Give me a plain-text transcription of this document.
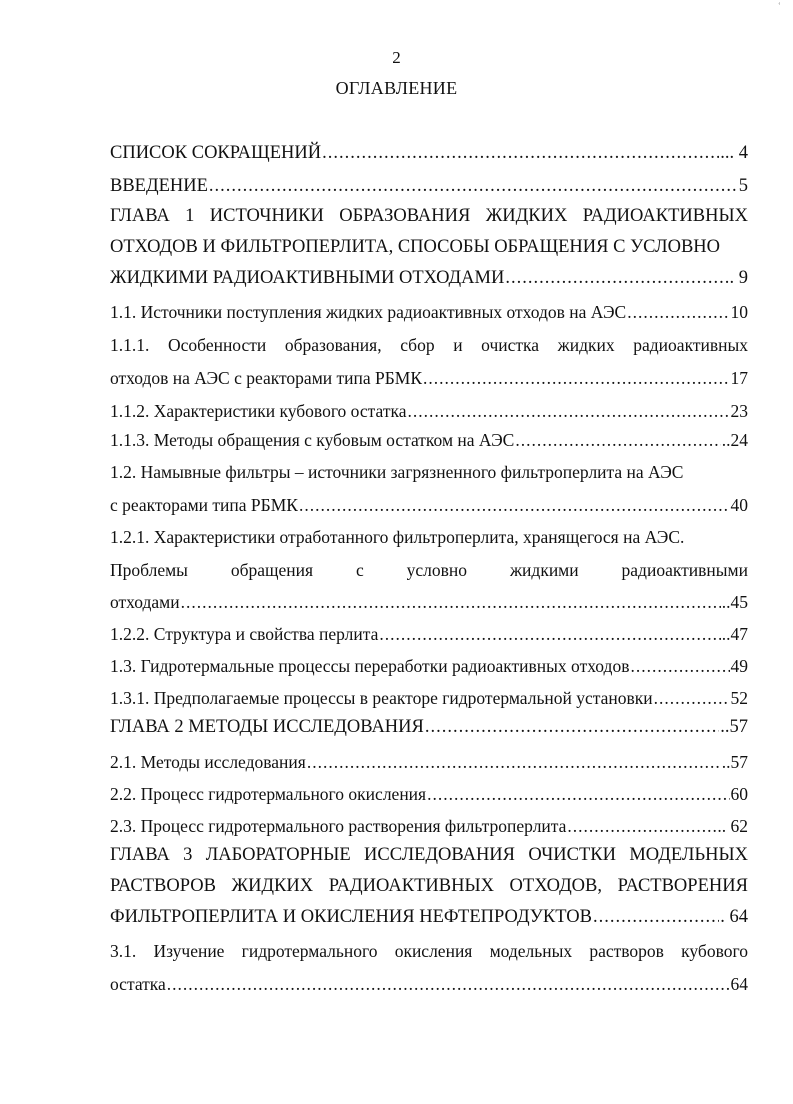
ʿ
2
ОГЛАВЛЕНИЕ
СПИСОК СОКРАЩЕНИЙ .....	... 4
ВВЕДЕНИЕ .....	5
ГЛАВА 1 ИСТОЧНИКИ ОБРАЗОВАНИЯ ЖИДКИХ РАДИОАКТИВНЫХ
ОТХОДОВ И ФИЛЬТРОПЕРЛИТА, СПОСОБЫ ОБРАЩЕНИЯ С УСЛОВНО
ЖИДКИМИ РАДИОАКТИВНЫМИ ОТХОДАМИ .....	. 9
1.1. Источники поступления жидких радиоактивных отходов на АЭС .....	10
1.1.1. Особенности образования, сбор и очистка жидких радиоактивных
отходов на АЭС с реакторами типа РБМК .....	17
1.1.2. Характеристики кубового остатка .....	23
1.1.3. Методы обращения с кубовым остатком на АЭС .....	..24
1.2. Намывные фильтры – источники загрязненного фильтроперлита на АЭС
с реакторами типа РБМК .....	40
1.2.1. Характеристики отработанного фильтроперлита, хранящегося на АЭС.
Проблемы обращения с условно жидкими радиоактивными
отходами .....	..45
1.2.2. Структура и свойства перлита .....	..47
1.3. Гидротермальные процессы переработки радиоактивных отходов .....	49
1.3.1. Предполагаемые процессы в реакторе гидротермальной установки .....	52
ГЛАВА 2 МЕТОДЫ ИССЛЕДОВАНИЯ .....	..57
2.1. Методы исследования .....	..57
2.2. Процесс гидротермального окисления .....	60
2.3. Процесс гидротермального растворения фильтроперлита .....	.. 62
ГЛАВА 3 ЛАБОРАТОРНЫЕ ИССЛЕДОВАНИЯ ОЧИСТКИ МОДЕЛЬНЫХ
РАСТВОРОВ ЖИДКИХ РАДИОАКТИВНЫХ ОТХОДОВ, РАСТВОРЕНИЯ
ФИЛЬТРОПЕРЛИТА И ОКИСЛЕНИЯ НЕФТЕПРОДУКТОВ .....	. 64
3.1. Изучение гидротермального окисления модельных растворов кубового
остатка .....	64
